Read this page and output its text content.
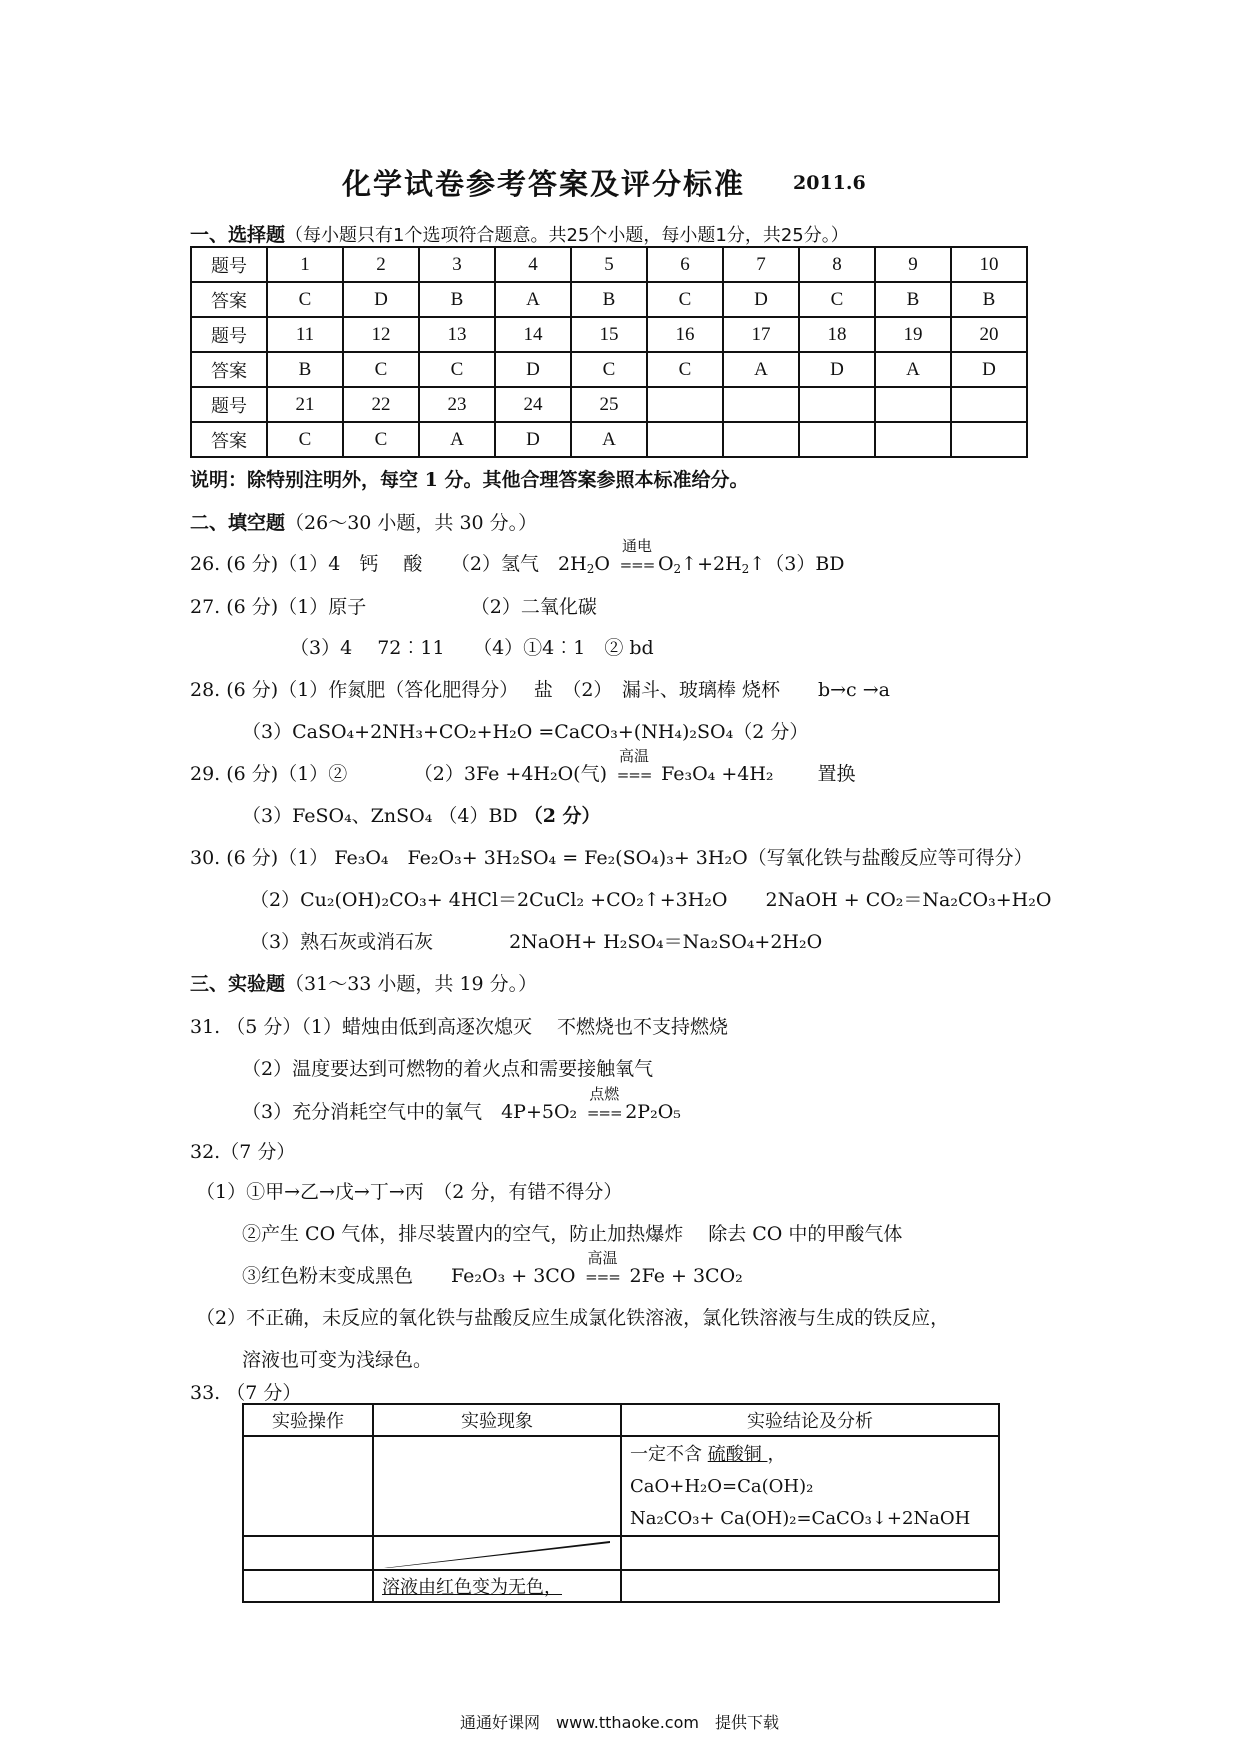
化学试卷参考答案及评分标准	2011.6
一、选择题（每小题只有1个选项符合题意。共25个小题，每小题1分，共25分。）
题号	1	2	3	4	5	6	7	8	9	10
答案	C	D	B	A	B	C	D	C	B	B
题号	11	12	13	14	15	16	17	18	19	20
答案	B	C	C	D	C	C	A	D	A	D
题号	21	22	23	24	25					
答案	C	C	A	D	A					
说明：除特别注明外，每空 1 分。其他合理答案参照本标准给分。
二、填空题（26～30 小题，共 30 分。）
26. (6 分)（1）4　钙　 酸　　（2）氢气　$2H_2O$
通电
=== $O_2↑+2H_2↑(3)BD$
27. (6 分)（1）原子　　　　　　（2）二氧化碳
（3）4　 72︰11　　（4）①4︰1　② bd
28. (6 分)（1）作氮肥（答化肥得分）　 盐　（2）　漏斗、玻璃棒 烧杯　　b→c →a
（3）CaSO₄+2NH₃+CO₂+H₂O =CaCO₃+(NH₄)₂SO₄（2 分）
29. (6 分)（1）②　　　　（2）3Fe +4H₂O(气)
高温
=== Fe₃O₄ +4H₂　　 置换
（3）FeSO₄、ZnSO₄ （4）BD （2 分）
30. (6 分)（1） Fe₃O₄　Fe₂O₃+ 3H₂SO₄ = Fe₂(SO₄)₃+ 3H₂O（写氧化铁与盐酸反应等可得分）
（2）Cu₂(OH)₂CO₃+ 4HCl＝2CuCl₂ +CO₂↑+3H₂O　　2NaOH + CO₂＝Na₂CO₃+H₂O
（3）熟石灰或消石灰　　　　2NaOH+ H₂SO₄＝Na₂SO₄+2H₂O
三、实验题（31～33 小题，共 19 分。）
31. （5 分）（1）蜡烛由低到高逐次熄灭　 不燃烧也不支持燃烧
（2）温度要达到可燃物的着火点和需要接触氧气
（3）充分消耗空气中的氧气　4P+5O₂
点燃
=== 2P₂O₅
32.（7 分）
（1）①甲→乙→戊→丁→丙　（2 分，有错不得分）
②产生 CO 气体，排尽装置内的空气，防止加热爆炸　 除去 CO 中的甲酸气体
③红色粉末变成黑色　　Fe₂O₃ + 3CO
高温
=== 2Fe + 3CO₂
（2）不正确，未反应的氧化铁与盐酸反应生成氯化铁溶液，氯化铁溶液与生成的铁反应，
溶液也可变为浅绿色。
33. （7 分）
实验操作	实验现象	实验结论及分析

		一定不含 硫酸铜 ，
CaO+H₂O=Ca(OH)₂
Na₂CO₃+ Ca(OH)₂=CaCO₃↓+2NaOH

	溶液由红色变为无色，	
通通好课网　www.tthaoke.com　提供下载
